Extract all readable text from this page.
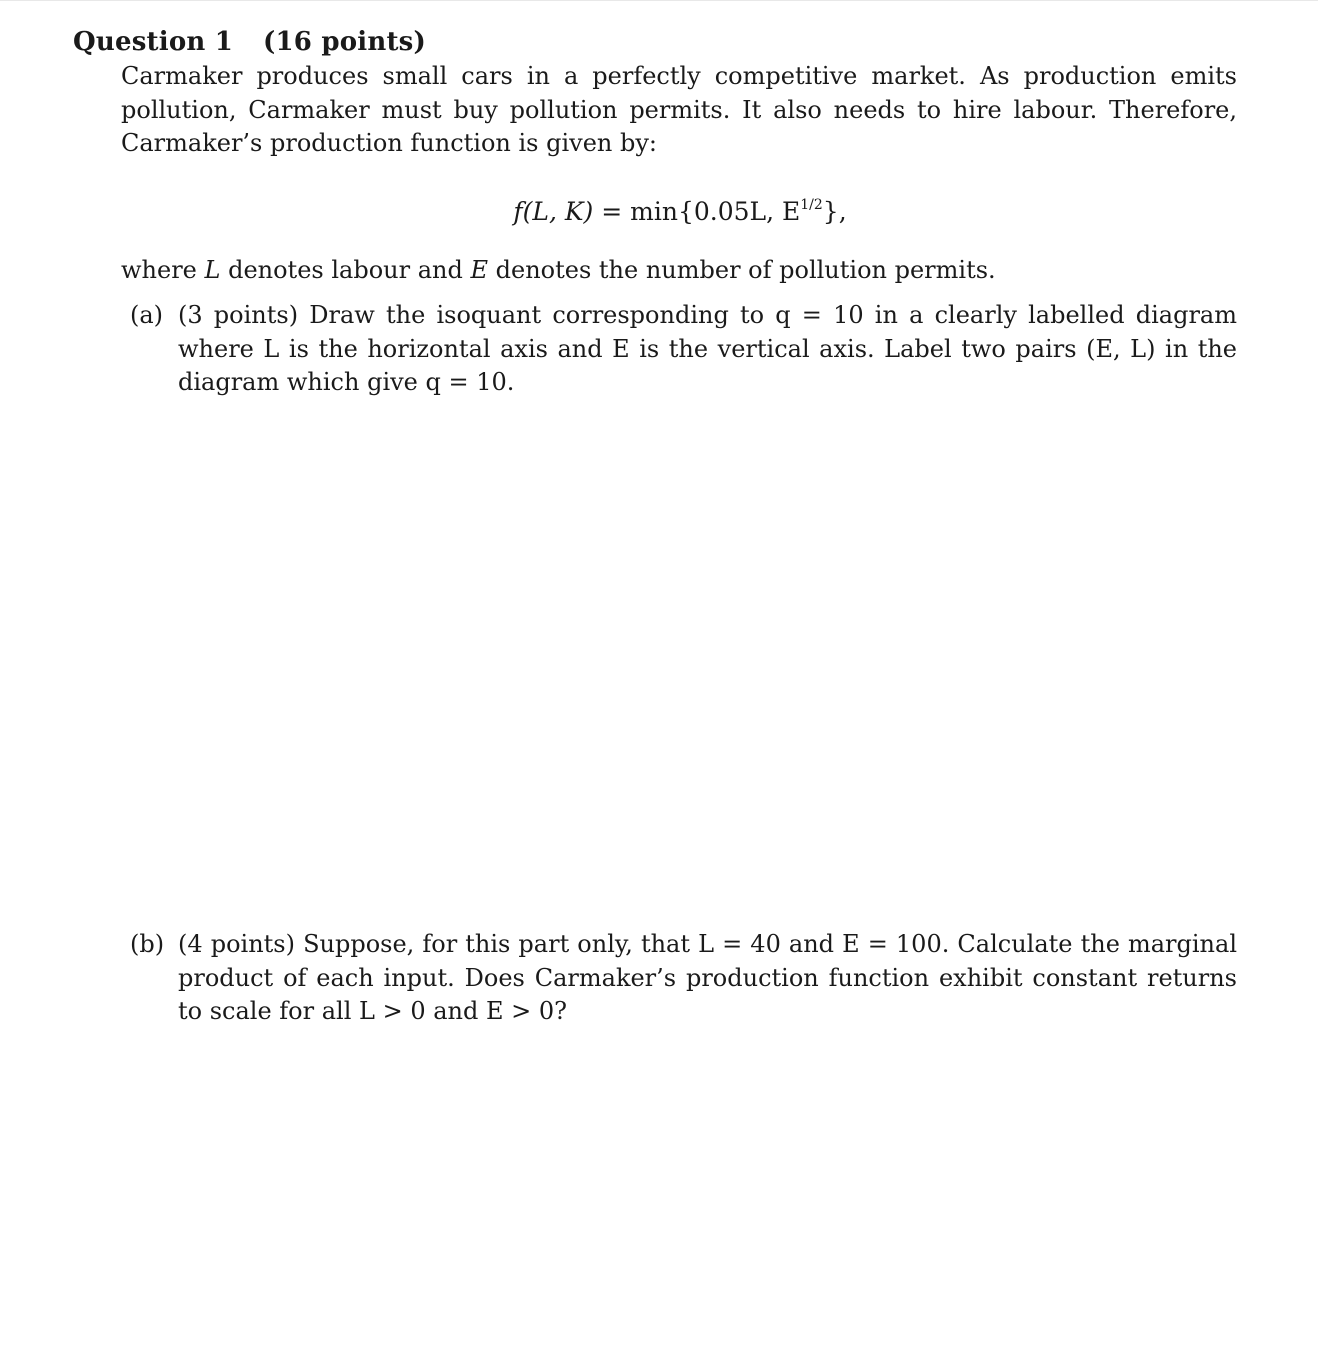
Question 1 (16 points)
Carmaker produces small cars in a perfectly competitive market. As production emits pollution, Carmaker must buy pollution permits. It also needs to hire labour. Therefore, Carmaker’s production function is given by:
f(L, K) = min{0.05L, $E^{1/2}$},
where L denotes labour and E denotes the number of pollution permits.
(a) (3 points) Draw the isoquant corresponding to q = 10 in a clearly labelled diagram where L is the horizontal axis and E is the vertical axis. Label two pairs (E, L) in the diagram which give q = 10.
(b) (4 points) Suppose, for this part only, that L = 40 and E = 100. Calculate the marginal product of each input. Does Carmaker’s production function exhibit constant returns to scale for all L > 0 and E > 0?
